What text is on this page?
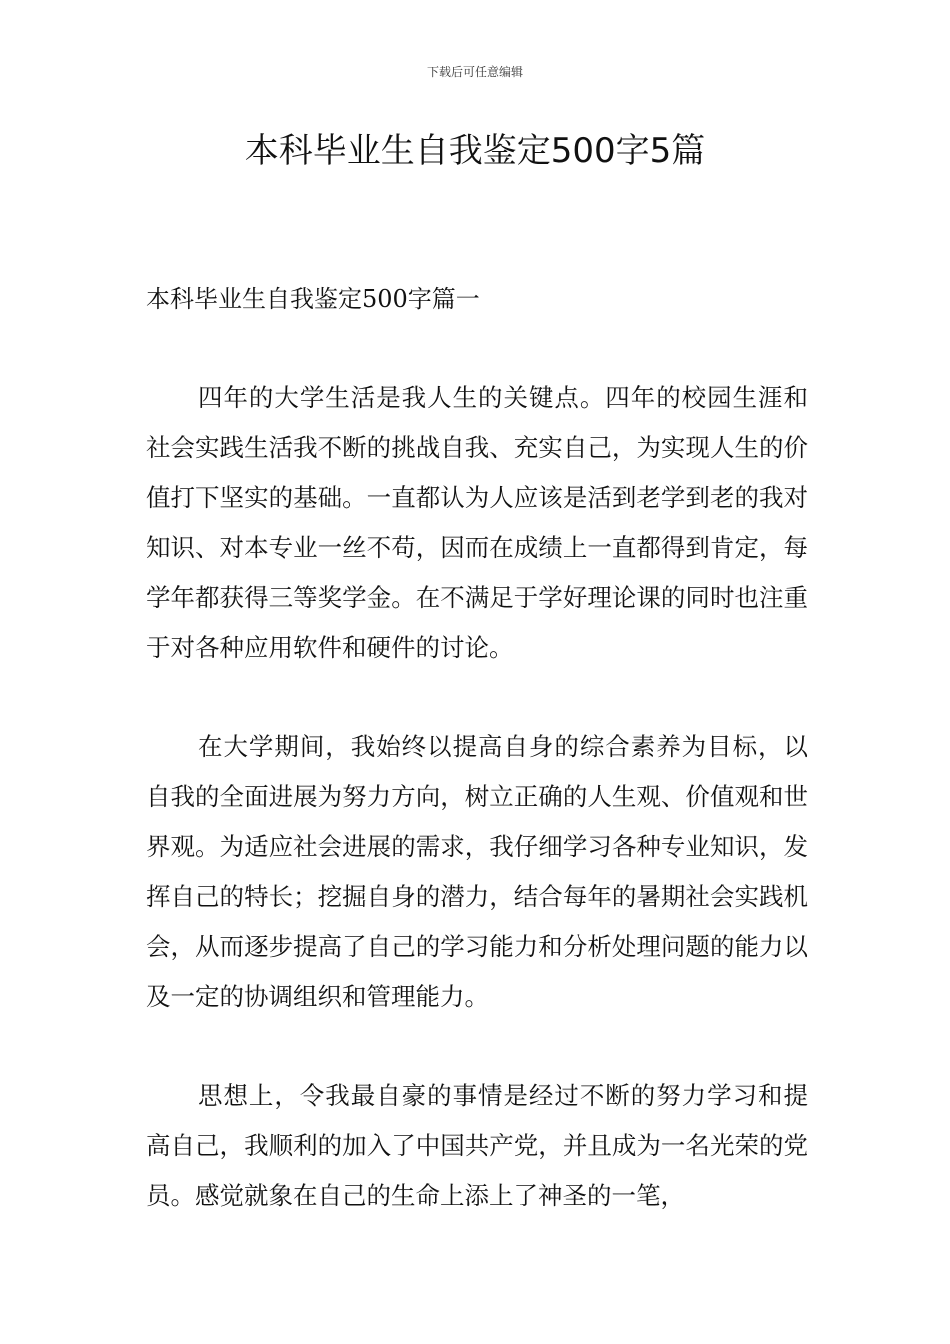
下载后可任意编辑
本科毕业生自我鉴定500字5篇
本科毕业生自我鉴定500字篇一

四年的大学生活是我人生的关键点。四年的校园生涯和社会实践生活我不断的挑战自我、充实自己，为实现人生的价值打下坚实的基础。一直都认为人应该是活到老学到老的我对知识、对本专业一丝不苟，因而在成绩上一直都得到肯定，每学年都获得三等奖学金。在不满足于学好理论课的同时也注重于对各种应用软件和硬件的讨论。

在大学期间，我始终以提高自身的综合素养为目标，以自我的全面进展为努力方向，树立正确的人生观、价值观和世界观。为适应社会进展的需求，我仔细学习各种专业知识，发挥自己的特长；挖掘自身的潜力，结合每年的暑期社会实践机会，从而逐步提高了自己的学习能力和分析处理问题的能力以及一定的协调组织和管理能力。

思想上，令我最自豪的事情是经过不断的努力学习和提高自己，我顺利的加入了中国共产党，并且成为一名光荣的党员。感觉就象在自己的生命上添上了神圣的一笔，
